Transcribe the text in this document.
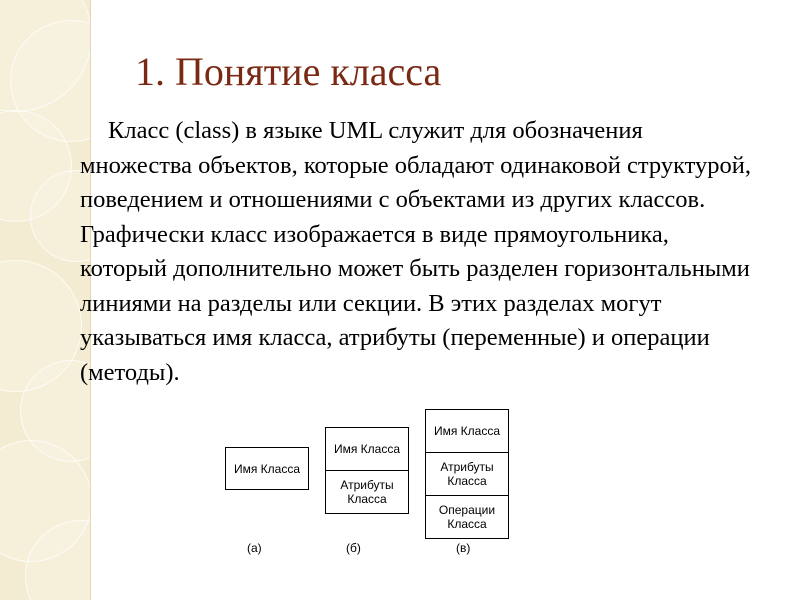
1. Понятие класса
Класс (class) в языке UML служит для обозначения множества объектов, которые обладают одинаковой структурой, поведением и отношениями с объектами из других классов. Графически класс изображается в виде прямоугольника, который дополнительно может быть разделен горизонтальными линиями на разделы или секции. В этих разделах могут указываться имя класса, атрибуты (переменные) и операции (методы).
Имя Класса
(а)
Имя Класса
Атрибуты Класса
(б)
Имя Класса
Атрибуты Класса
Операции Класса
(в)
